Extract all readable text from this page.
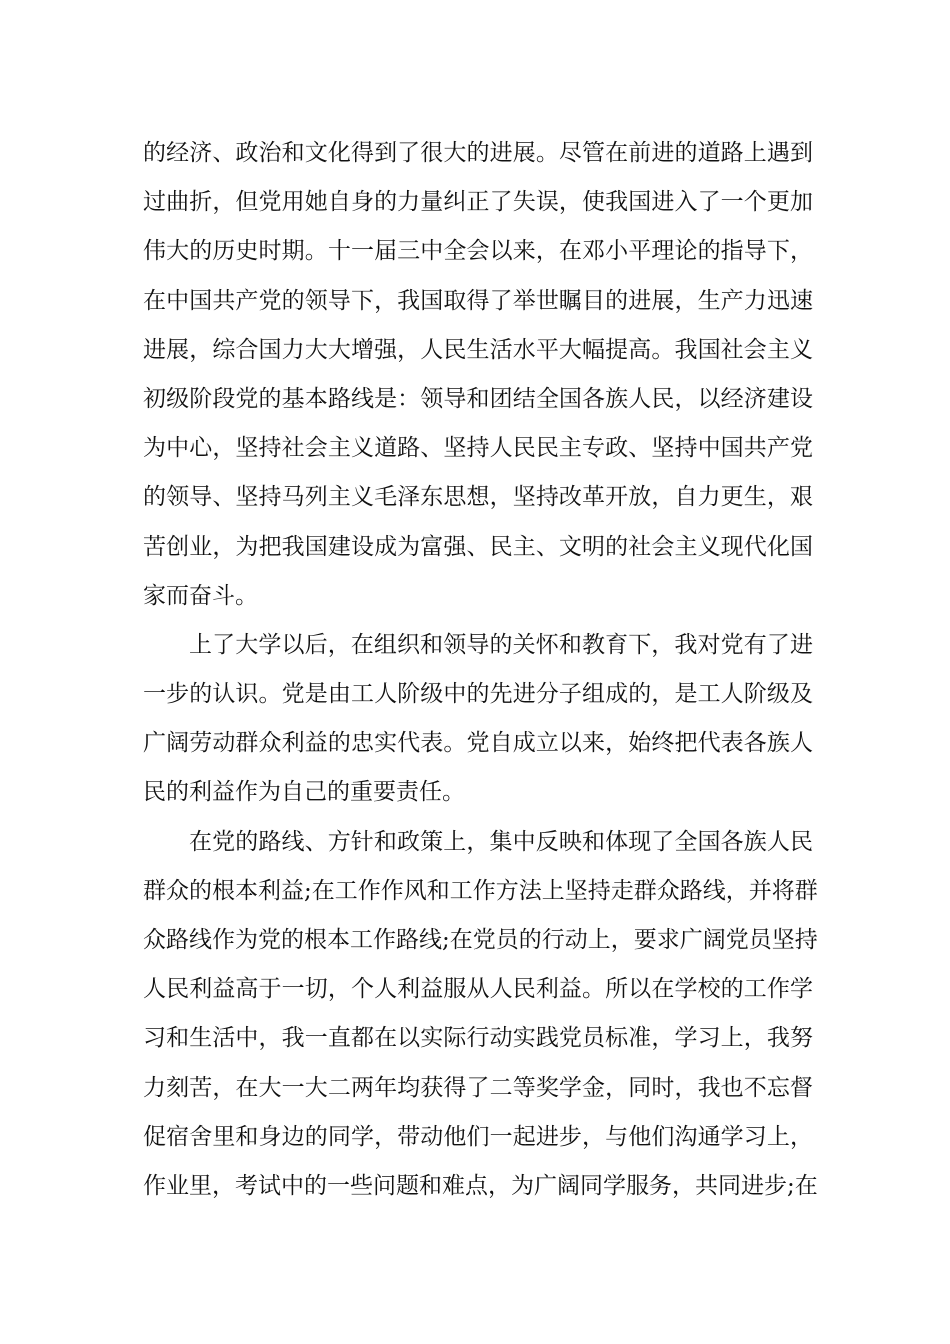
的经济、政治和文化得到了很大的进展。尽管在前进的道路上遇到
过曲折，但党用她自身的力量纠正了失误，使我国进入了一个更加
伟大的历史时期。十一届三中全会以来，在邓小平理论的指导下，
在中国共产党的领导下，我国取得了举世瞩目的进展，生产力迅速
进展，综合国力大大增强，人民生活水平大幅提高。我国社会主义
初级阶段党的基本路线是：领导和团结全国各族人民，以经济建设
为中心，坚持社会主义道路、坚持人民民主专政、坚持中国共产党
的领导、坚持马列主义毛泽东思想，坚持改革开放，自力更生，艰
苦创业，为把我国建设成为富强、民主、文明的社会主义现代化国
家而奋斗。
上了大学以后，在组织和领导的关怀和教育下，我对党有了进
一步的认识。党是由工人阶级中的先进分子组成的，是工人阶级及
广阔劳动群众利益的忠实代表。党自成立以来，始终把代表各族人
民的利益作为自己的重要责任。
在党的路线、方针和政策上，集中反映和体现了全国各族人民
群众的根本利益;在工作作风和工作方法上坚持走群众路线，并将群
众路线作为党的根本工作路线;在党员的行动上，要求广阔党员坚持
人民利益高于一切，个人利益服从人民利益。所以在学校的工作学
习和生活中，我一直都在以实际行动实践党员标准，学习上，我努
力刻苦，在大一大二两年均获得了二等奖学金，同时，我也不忘督
促宿舍里和身边的同学，带动他们一起进步，与他们沟通学习上，
作业里，考试中的一些问题和难点，为广阔同学服务，共同进步;在
